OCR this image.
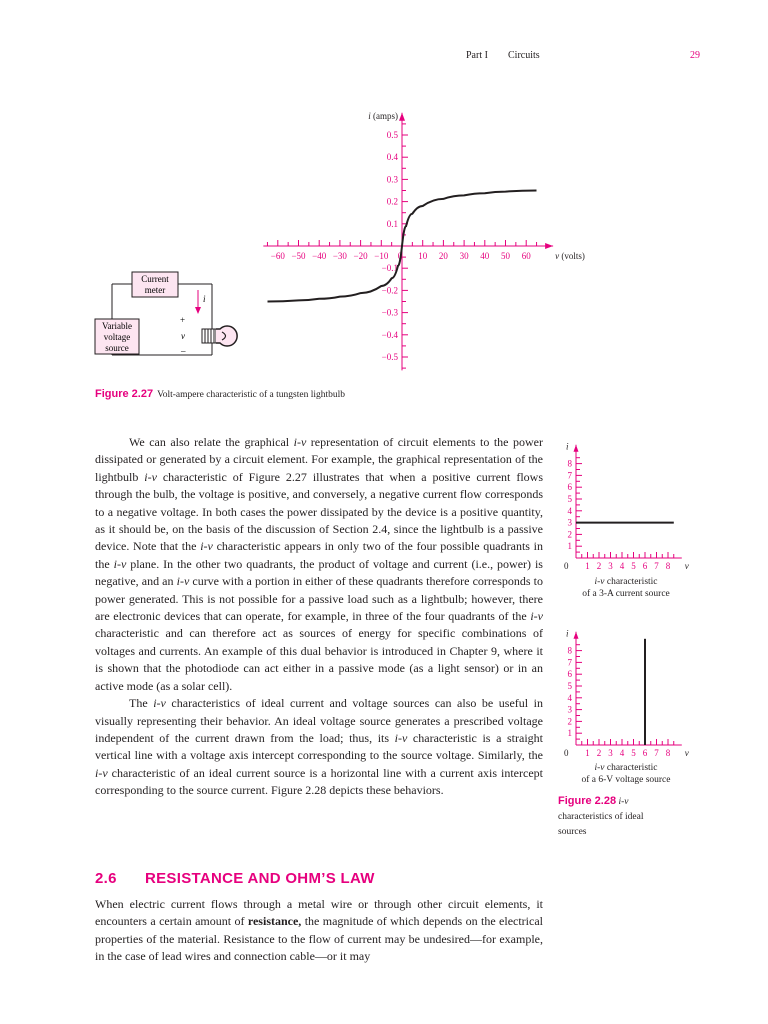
Part I Circuits	29
−60 −50 −40 −30 −20 −10 0 10 20 30 40 50 60
0.5
0.4
0.3
0.2
0.1
−0.1
−0.2
−0.3
−0.4
−0.5
i (amps)
v (volts)
Current
meter
Variable
voltage
source
i
+
v
–
Figure 2.27 Volt-ampere characteristic of a tungsten lightbulb

We can also relate the graphical i-v representation of circuit elements to the power dissipated or generated by a circuit element. For example, the graphical representation of the lightbulb i-v characteristic of Figure 2.27 illustrates that when a positive current flows through the bulb, the voltage is positive, and conversely, a negative current flow corresponds to a negative voltage. In both cases the power dissipated by the device is a positive quantity, as it should be, on the basis of the discussion of Section 2.4, since the lightbulb is a passive device. Note that the i-v characteristic appears in only two of the four possible quadrants in the i-v plane. In the other two quadrants, the product of voltage and current (i.e., power) is negative, and an i-v curve with a portion in either of these quadrants therefore corresponds to power generated. This is not possible for a passive load such as a lightbulb; however, there are electronic devices that can operate, for example, in three of the four quadrants of the i-v characteristic and can therefore act as sources of energy for specific combinations of voltages and currents. An example of this dual behavior is introduced in Chapter 9, where it is shown that the photodiode can act either in a passive mode (as a light sensor) or in an active mode (as a solar cell).

The i-v characteristics of ideal current and voltage sources can also be useful in visually representing their behavior. An ideal voltage source generates a prescribed voltage independent of the current drawn from the load; thus, its i-v characteristic is a straight vertical line with a voltage axis intercept corresponding to the source voltage. Similarly, the i-v characteristic of an ideal current source is a horizontal line with a current axis intercept corresponding to the source current. Figure 2.28 depicts these behaviors.

1 2 3 4 5 6 7 8
8
7
6
5
4
3
2
1
0
i
v
i-v characteristic
of a 3-A current source
1 2 3 4 5 6 7 8
8
7
6
5
4
3
2
1
0
i
v
i-v characteristic
of a 6-V voltage source
Figure 2.28 i-v
characteristics of ideal
sources
2.6 RESISTANCE AND OHM’S LAW

When electric current flows through a metal wire or through other circuit elements, it encounters a certain amount of resistance, the magnitude of which depends on the electrical properties of the material. Resistance to the flow of current may be undesired—for example, in the case of lead wires and connection cable—or it may
